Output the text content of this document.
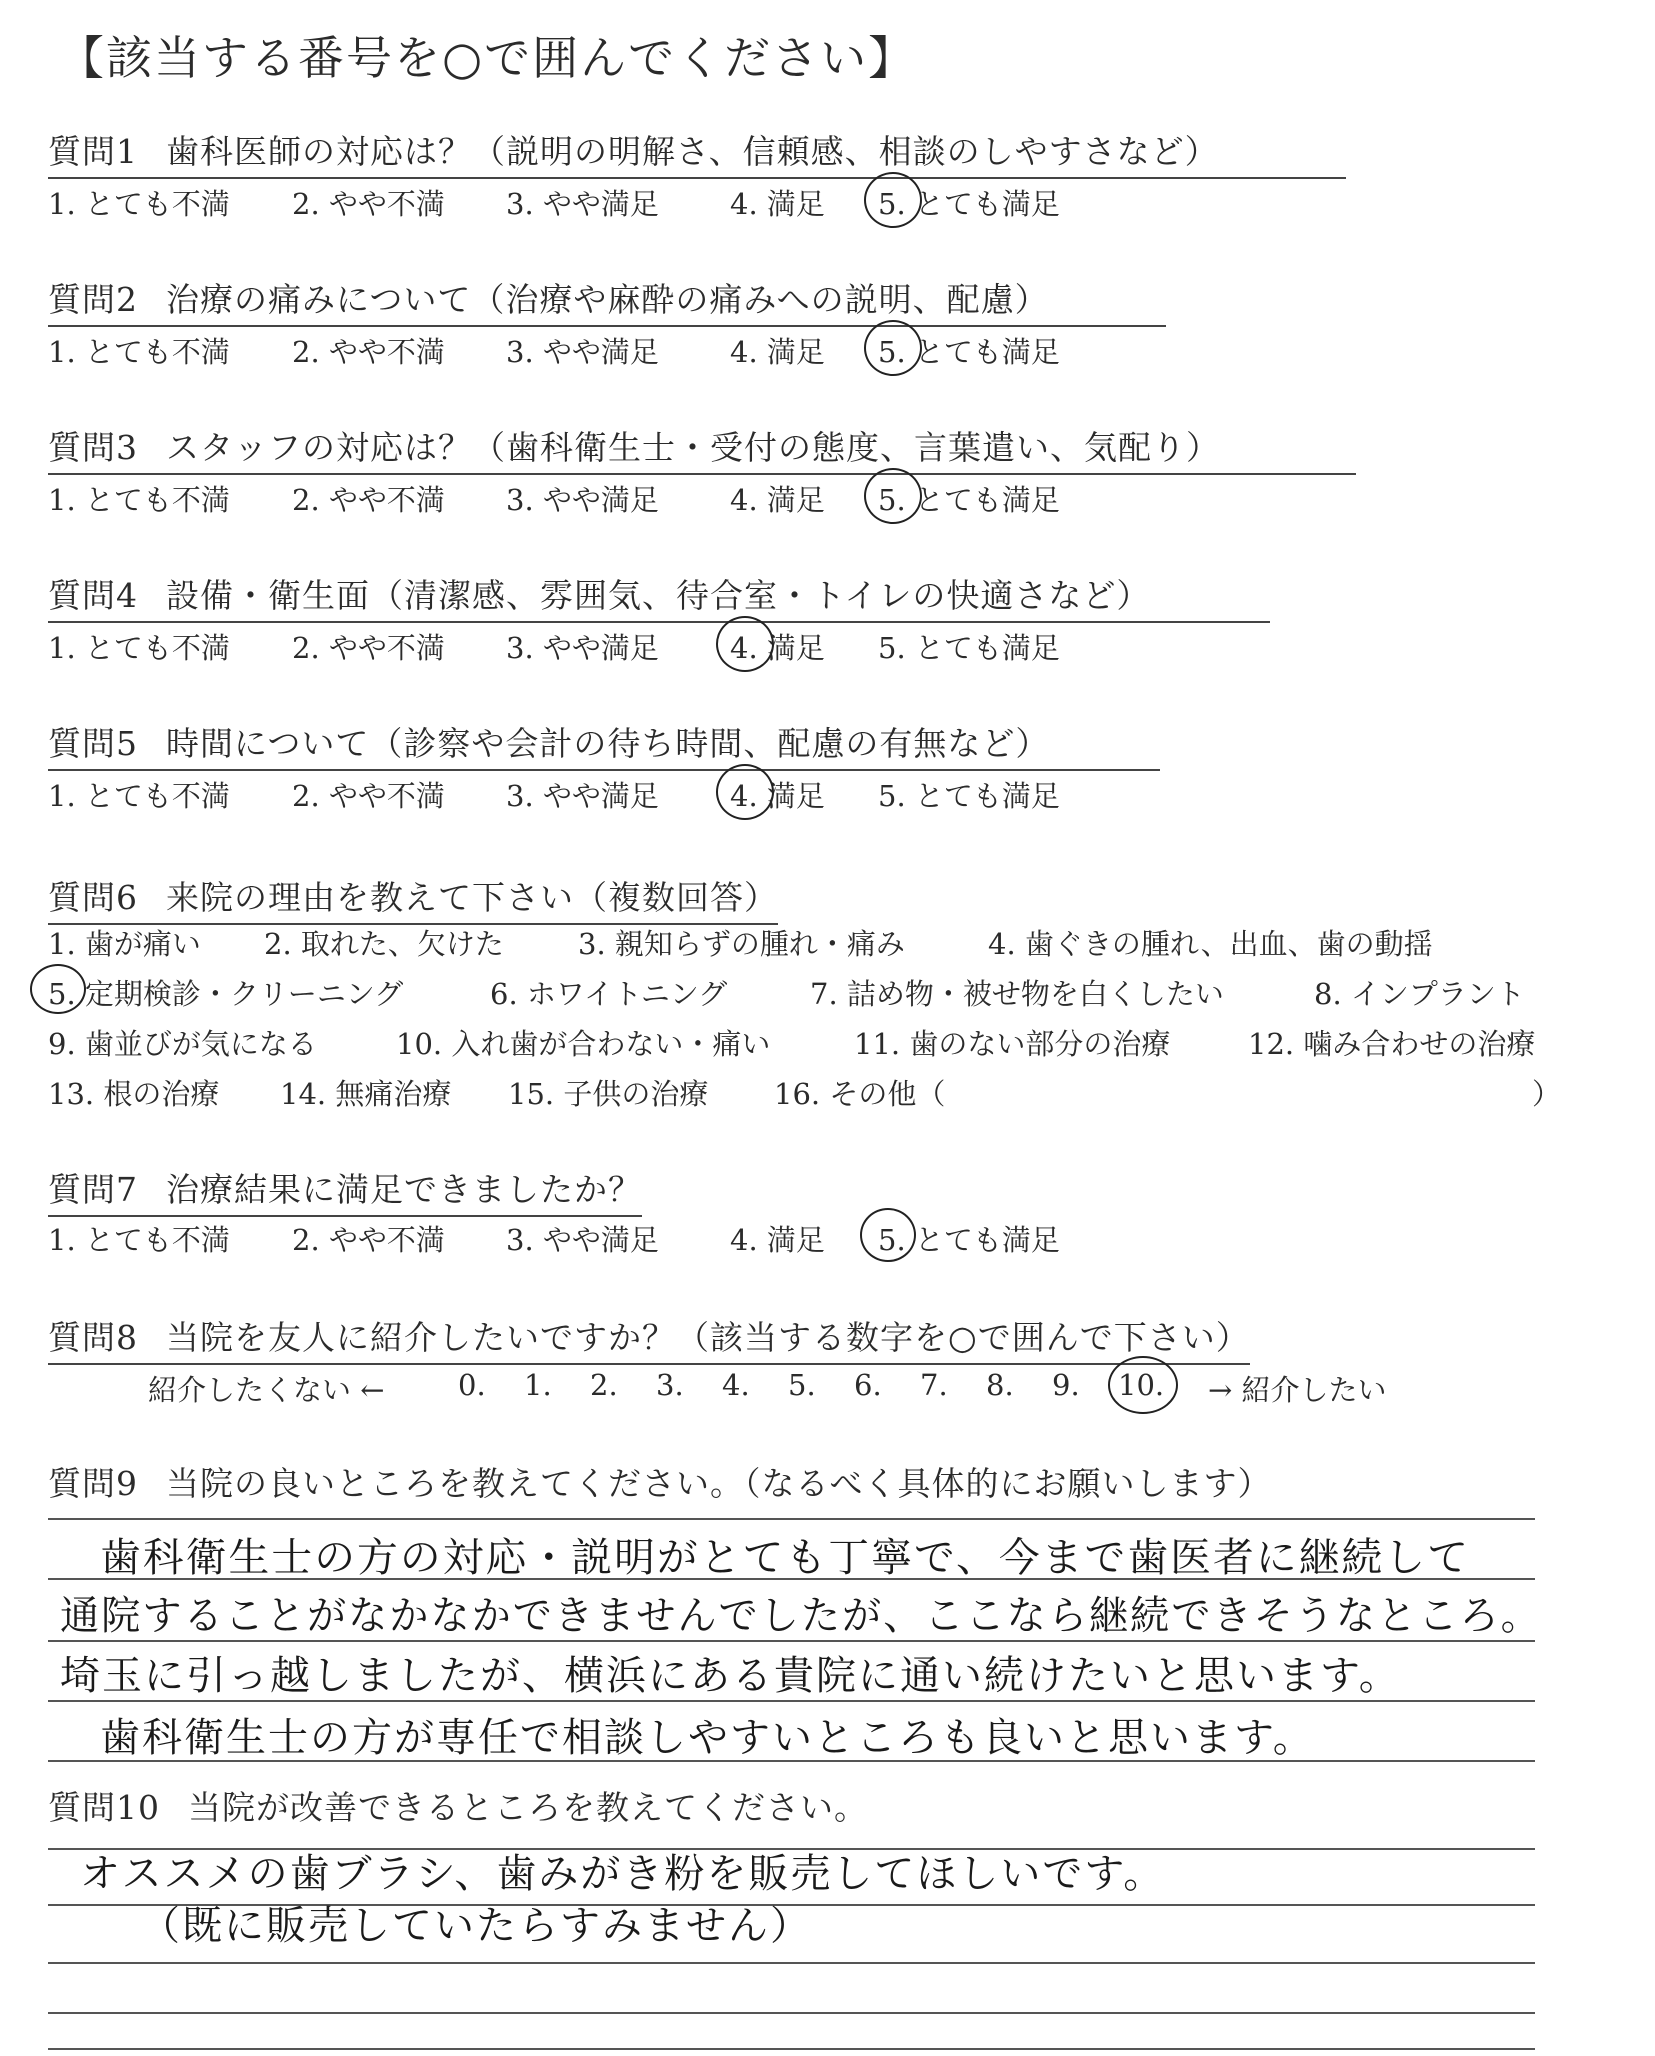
【該当する番号を○で囲んでください】
質問1 歯科医師の対応は？（説明の明解さ、信頼感、相談のしやすさなど）
1. とても不満 2. やや不満 3. やや満足 4. 満足 5. とても満足
質問2 治療の痛みについて（治療や麻酔の痛みへの説明、配慮）
1. とても不満 2. やや不満 3. やや満足 4. 満足 5. とても満足
質問3 スタッフの対応は？（歯科衛生士・受付の態度、言葉遣い、気配り）
1. とても不満 2. やや不満 3. やや満足 4. 満足 5. とても満足
質問4 設備・衛生面（清潔感、雰囲気、待合室・トイレの快適さなど）
1. とても不満 2. やや不満 3. やや満足 4. 満足 5. とても満足
質問5 時間について（診察や会計の待ち時間、配慮の有無など）
1. とても不満 2. やや不満 3. やや満足 4. 満足 5. とても満足
質問6 来院の理由を教えて下さい（複数回答）
1. 歯が痛い 2. 取れた、欠けた	3. 親知らずの腫れ・痛み	4. 歯ぐきの腫れ、出血、歯の動揺
5. 定期検診・クリーニング	6. ホワイトニング	7. 詰め物・被せ物を白くしたい	8. インプラント
9. 歯並びが気になる	10. 入れ歯が合わない・痛い	11. 歯のない部分の治療	12. 噛み合わせの治療
13. 根の治療 14. 無痛治療 15. 子供の治療 16. その他（	）
質問7 治療結果に満足できましたか？
1. とても不満 2. やや不満 3. やや満足 4. 満足 5. とても満足
質問8 当院を友人に紹介したいですか？（該当する数字を○で囲んで下さい）
紹介したくない ←	0. 1. 2. 3. 4. 5. 6. 7. 8. 9. 10. → 紹介したい
質問9 当院の良いところを教えてください。（なるべく具体的にお願いします）
歯科衛生士の方の対応・説明がとても丁寧で、今まで歯医者に継続して
通院することがなかなかできませんでしたが、ここなら継続できそうなところ。
埼玉に引っ越しましたが、横浜にある貴院に通い続けたいと思います。
歯科衛生士の方が専任で相談しやすいところも良いと思います。
質問10 当院が改善できるところを教えてください。
オススメの歯ブラシ、歯みがき粉を販売してほしいです。
（既に販売していたらすみません）
